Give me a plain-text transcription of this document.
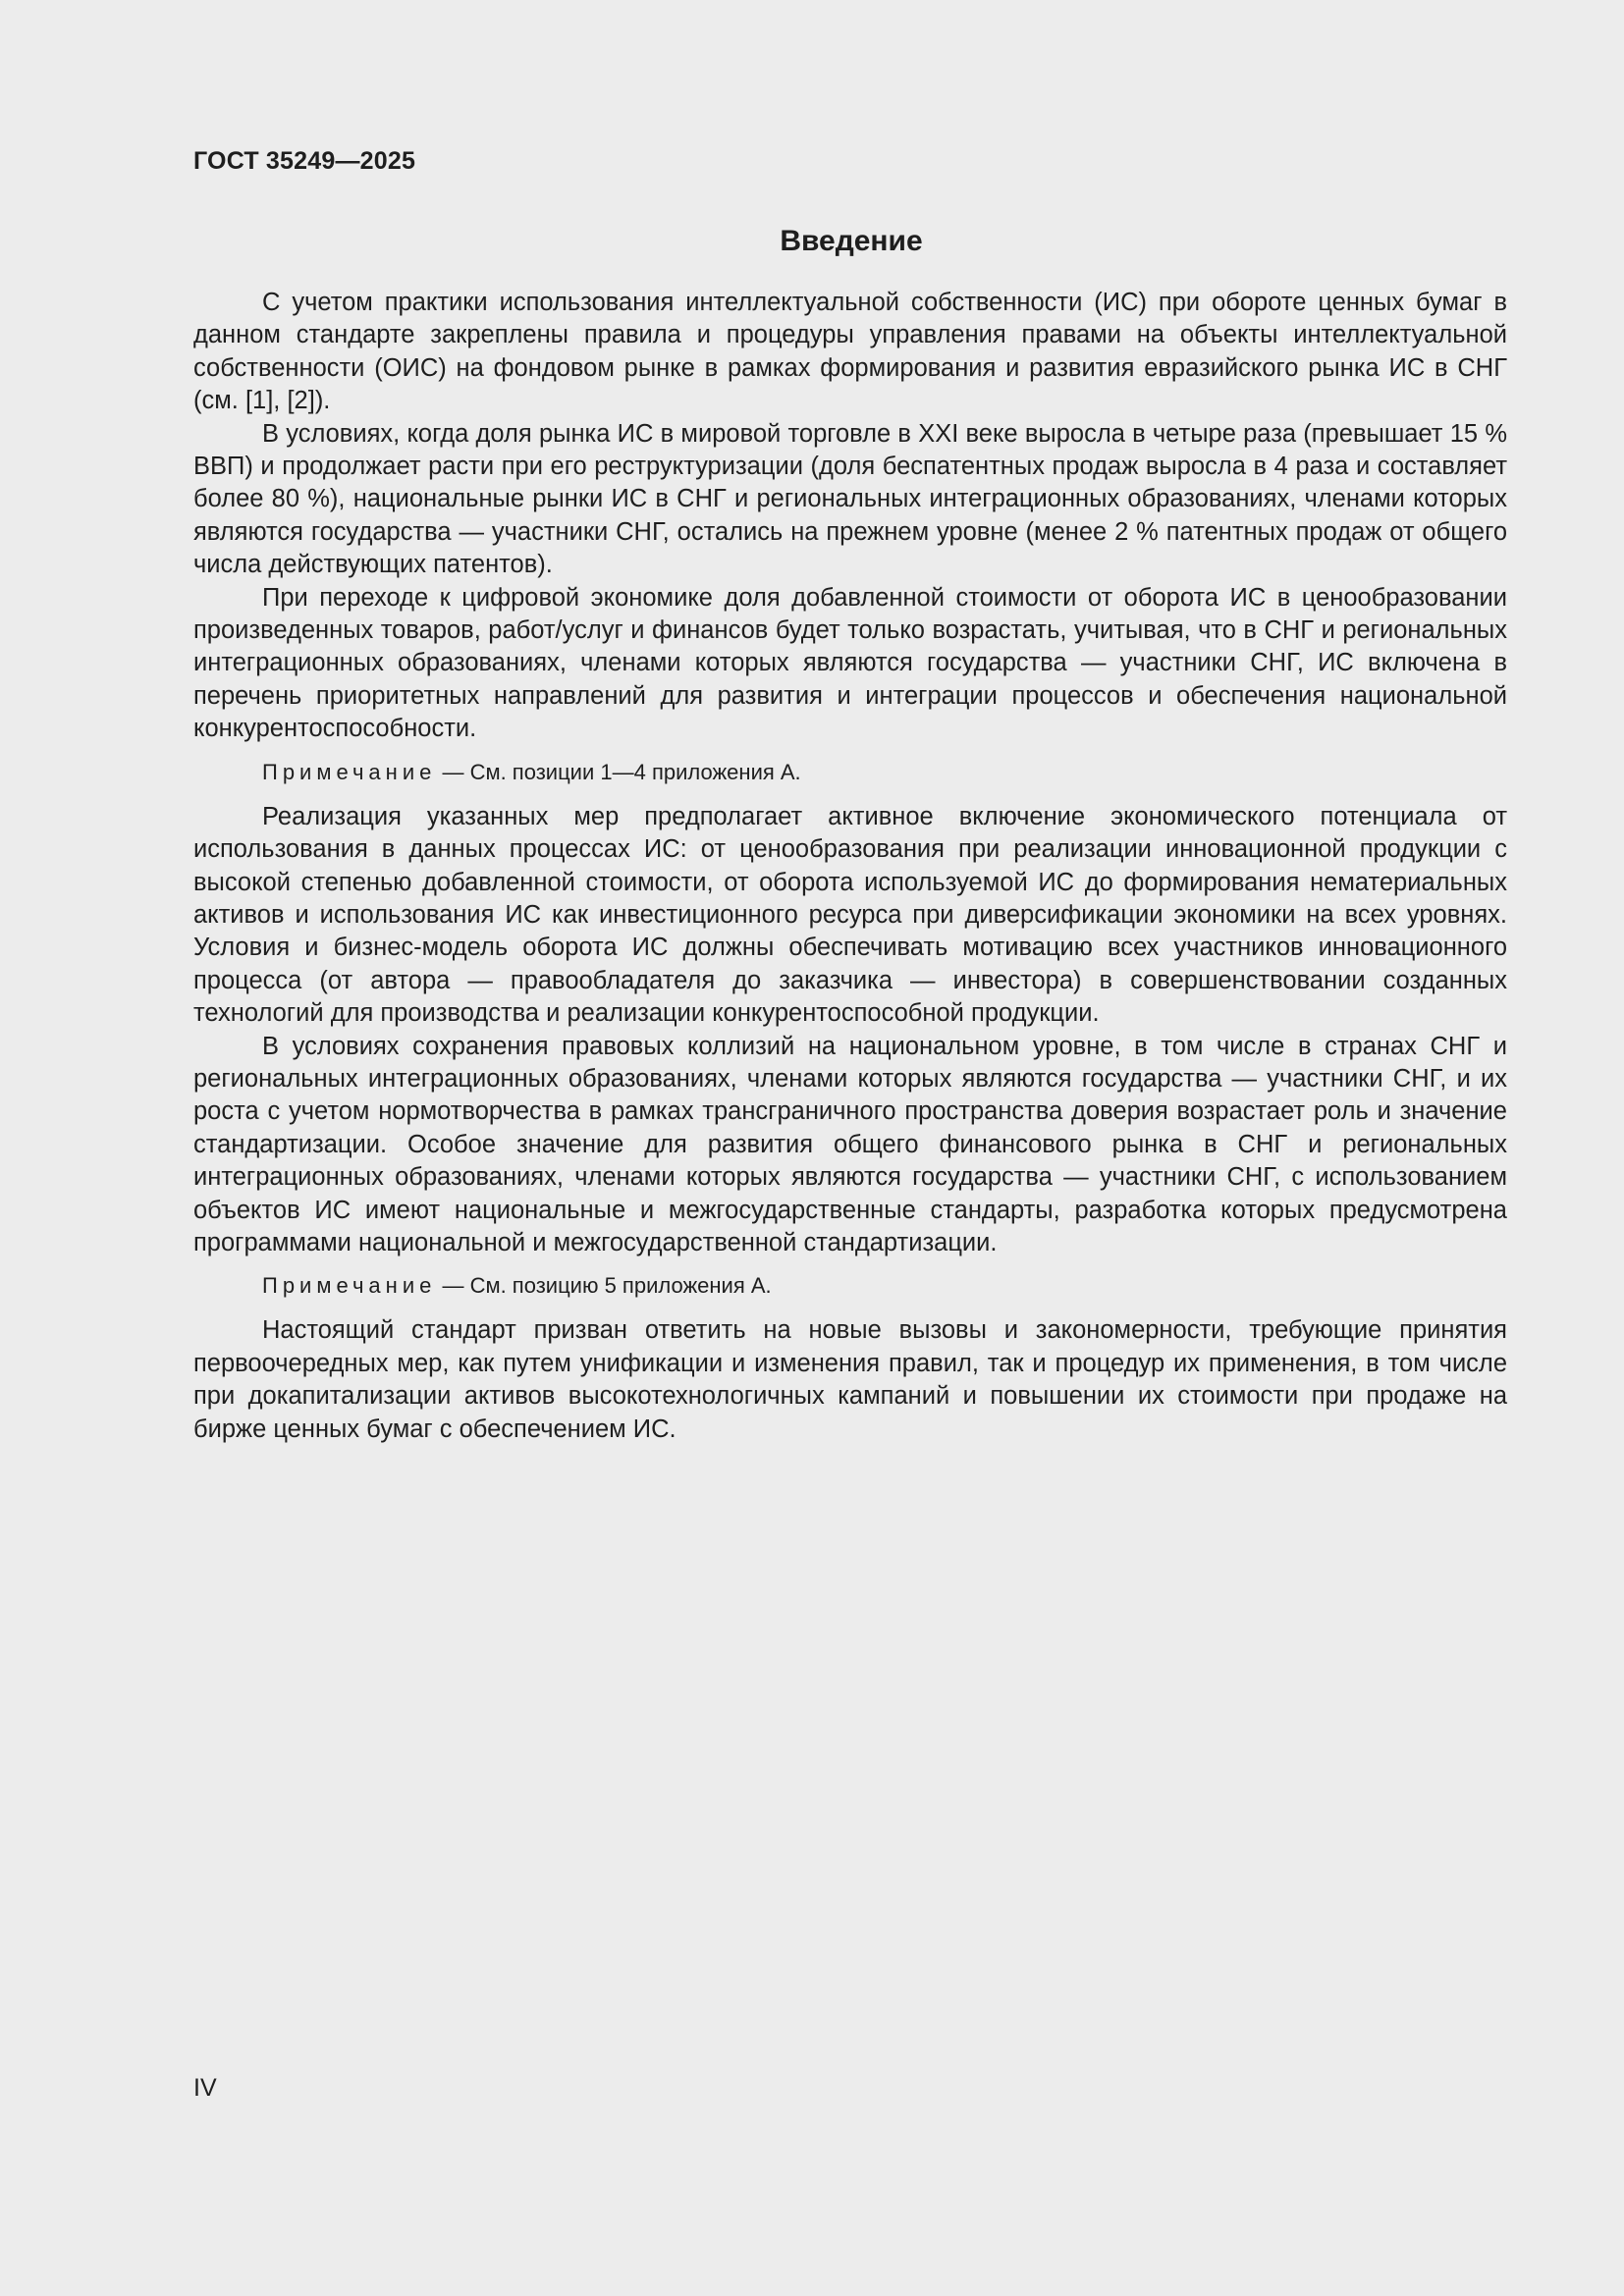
ГОСТ 35249—2025
Введение

С учетом практики использования интеллектуальной собственности (ИС) при обороте ценных бумаг в данном стандарте закреплены правила и процедуры управления правами на объекты интеллектуальной собственности (ОИС) на фондовом рынке в рамках формирования и развития евразийского рынка ИС в СНГ (см. [1], [2]).

В условиях, когда доля рынка ИС в мировой торговле в XXI веке выросла в четыре раза (превышает 15 % ВВП) и продолжает расти при его реструктуризации (доля беспатентных продаж выросла в 4 раза и составляет более 80 %), национальные рынки ИС в СНГ и региональных интеграционных образованиях, членами которых являются государства — участники СНГ, остались на прежнем уровне (менее 2 % патентных продаж от общего числа действующих патентов).

При переходе к цифровой экономике доля добавленной стоимости от оборота ИС в ценообразовании произведенных товаров, работ/услуг и финансов будет только возрастать, учитывая, что в СНГ и региональных интеграционных образованиях, членами которых являются государства — участники СНГ, ИС включена в перечень приоритетных направлений для развития и интеграции процессов и обеспечения национальной конкурентоспособности.

Примечание — См. позиции 1—4 приложения А.

Реализация указанных мер предполагает активное включение экономического потенциала от использования в данных процессах ИС: от ценообразования при реализации инновационной продукции с высокой степенью добавленной стоимости, от оборота используемой ИС до формирования нематериальных активов и использования ИС как инвестиционного ресурса при диверсификации экономики на всех уровнях. Условия и бизнес-модель оборота ИС должны обеспечивать мотивацию всех участников инновационного процесса (от автора — правообладателя до заказчика — инвестора) в совершенствовании созданных технологий для производства и реализации конкурентоспособной продукции.

В условиях сохранения правовых коллизий на национальном уровне, в том числе в странах СНГ и региональных интеграционных образованиях, членами которых являются государства — участники СНГ, и их роста с учетом нормотворчества в рамках трансграничного пространства доверия возрастает роль и значение стандартизации. Особое значение для развития общего финансового рынка в СНГ и региональных интеграционных образованиях, членами которых являются государства — участники СНГ, с использованием объектов ИС имеют национальные и межгосударственные стандарты, разработка которых предусмотрена программами национальной и межгосударственной стандартизации.

Примечание — См. позицию 5 приложения А.

Настоящий стандарт призван ответить на новые вызовы и закономерности, требующие принятия первоочередных мер, как путем унификации и изменения правил, так и процедур их применения, в том числе при докапитализации активов высокотехнологичных кампаний и повышении их стоимости при продаже на бирже ценных бумаг с обеспечением ИС.

IV
